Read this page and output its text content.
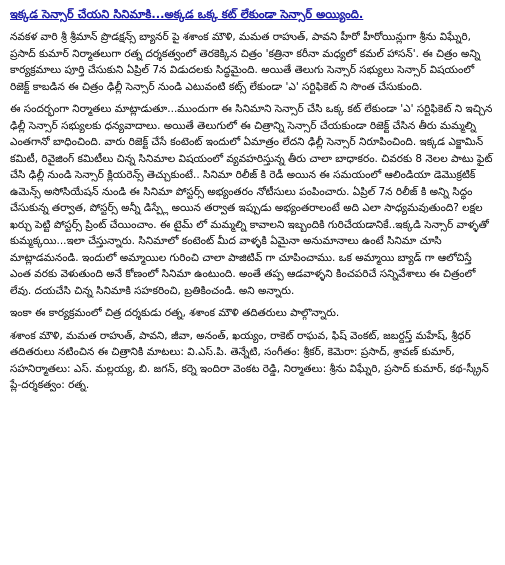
ఇక్కడ సెన్సార్ చేయని సినిమాకి...అక్కడ ఒక్క కట్ లేకుండా సెన్సార్ అయ్యింది.

నవకళ వారి శ్రీ శ్రీమాన్ ప్రొడక్షన్స్ బ్యానర్ పై శశాంక మౌళి, మమత రాహుత్, పావని హీరో హీరోయిన్లుగా శ్రీను విఘ్నేరి, ప్రసాద్ కుమార్ నిర్మాతలుగా రత్న దర్శకత్వంలో తెరకెక్కిన చిత్రం 'కత్రినా కరీనా మధ్యలో కమల్ హాసన్'. ఈ చిత్రం అన్ని కార్యక్రమాలు పూర్తి చేసుకుని ఏప్రిల్ 7న విడుదలకు సిద్ధమైంది. అయితే తెలుగు సెన్సార్ సభ్యులు సెన్సార్ విషయంలో రిజెక్ట్ కాబడిన ఈ చిత్రం ఢిల్లీ సెన్సార్ నుండి ఎటువంటి కట్స్ లేకుండా 'ఎ' సర్టిఫికెట్ ని సొంత చేసుకుంది.

ఈ సందర్భంగా నిర్మాతలు మాట్లాడుతూ...ముందుగా ఈ సినిమాని సెన్సార్ చేసి ఒక్క కట్ లేకుండా 'ఎ' సర్టిఫికెట్ ని ఇచ్చిన ఢిల్లీ సెన్సార్ సభ్యులకు ధన్యవాదాలు. అయితే తెలుగులో ఈ చిత్రాన్ని సెన్సార్ చేయకుండా రిజెక్ట్ చేసిన తీరు మమ్మల్ని ఎంతగానో బాధించింది. వారు రిజెక్ట్ చేసే కంటెంట్ ఇందులో ఏమాత్రం లేదని ఢిల్లీ సెన్సార్ నిరూపించింది. ఇక్కడ ఎక్జామిన్ కమిటీ, రివైజింగ్ కమిటీలు చిన్న సినిమాల విషయంలో వ్యవహరిస్తున్న తీరు చాలా బాధాకరం. చివరకు 8 నెలల పాటు ఫైట్ చేసి ఢిల్లీ నుండి సెన్సార్ క్లియరెన్స్ తెచ్చుకుంటే.. సినిమా రిలీజ్ కి రెడీ అయిన ఈ సమయంలో ఆలిండియా డెమొక్రటిక్ ఉమెన్స్ అసోసియేషన్ నుండి ఈ సినిమా పోస్టర్స్ అభ్యంతరం నోటీసులు పంపించారు. ఏప్రిల్ 7న రిలీజ్ కి అన్ని సిద్ధం చేసుకున్న తర్వాత, పోస్టర్స్ అన్నీ డిస్ప్లే అయిన తర్వాత ఇప్పుడు అభ్యంతరాలంటే అది ఎలా సాధ్యమవుతుంది? లక్షల ఖర్చు పెట్టి పోస్టర్స్ ప్రింట్ చేయించాం. ఈ టైమ్ లో మమ్మల్ని కావాలని ఇబ్బందికి గురిచేయడానికే..ఇక్కడి సెన్సార్ వాళ్ళతో కుమ్మక్కయి...ఇలా చేస్తున్నారు. సినిమాలో కంటెంట్ మీద వాళ్ళకి ఏమైనా అనుమానాలు ఉంటే సినిమా చూసి మాట్లాడమనండి. ఇందులో అమ్మాయిల గురించి చాలా పాజిటివ్ గా చూపించాము. ఒక అమ్మాయి బ్యాడ్ గా ఆలోచిస్తే ఎంత వరకు వెళుతుంది అనే కోణంలో సినిమా ఉంటుంది. అంతే తప్ప ఆడవాళ్ళని కించపరిచే సన్నివేశాలు ఈ చిత్రంలో లేవు. దయచేసి చిన్న సినిమాకి సహకరించి, బ్రతికించండి. అని అన్నారు.

ఇంకా ఈ కార్యక్రమంలో చిత్ర దర్శకుడు రత్న, శశాంక మౌళి తదితరులు పాల్గొన్నారు.

శశాంక మౌళి, మమత రాహుత్, పావని, జీవా, అనంత్, ఖయ్యం, రాకెట్ రాఘవ, ఫిష్ వెంకట్, జబర్దస్త్ మహేష్, శ్రీధర్ తదితరులు నటించిన ఈ చిత్రానికి మాటలు: వి.ఎస్.పి. తెన్నేటి, సంగీతం: శ్రీకర్, కెమెరా: ప్రసాద్, శ్రావణ్ కుమార్, సహనిర్మాతలు: ఎస్. మల్లయ్య, బి. జగన్, కర్నె ఇందిరా వెంకట రెడ్డి, నిర్మాతలు: శ్రీను విఘ్నేరి, ప్రసాద్ కుమార్, కథ-స్క్రీన్ ప్లే-దర్శకత్వం: రత్న.
